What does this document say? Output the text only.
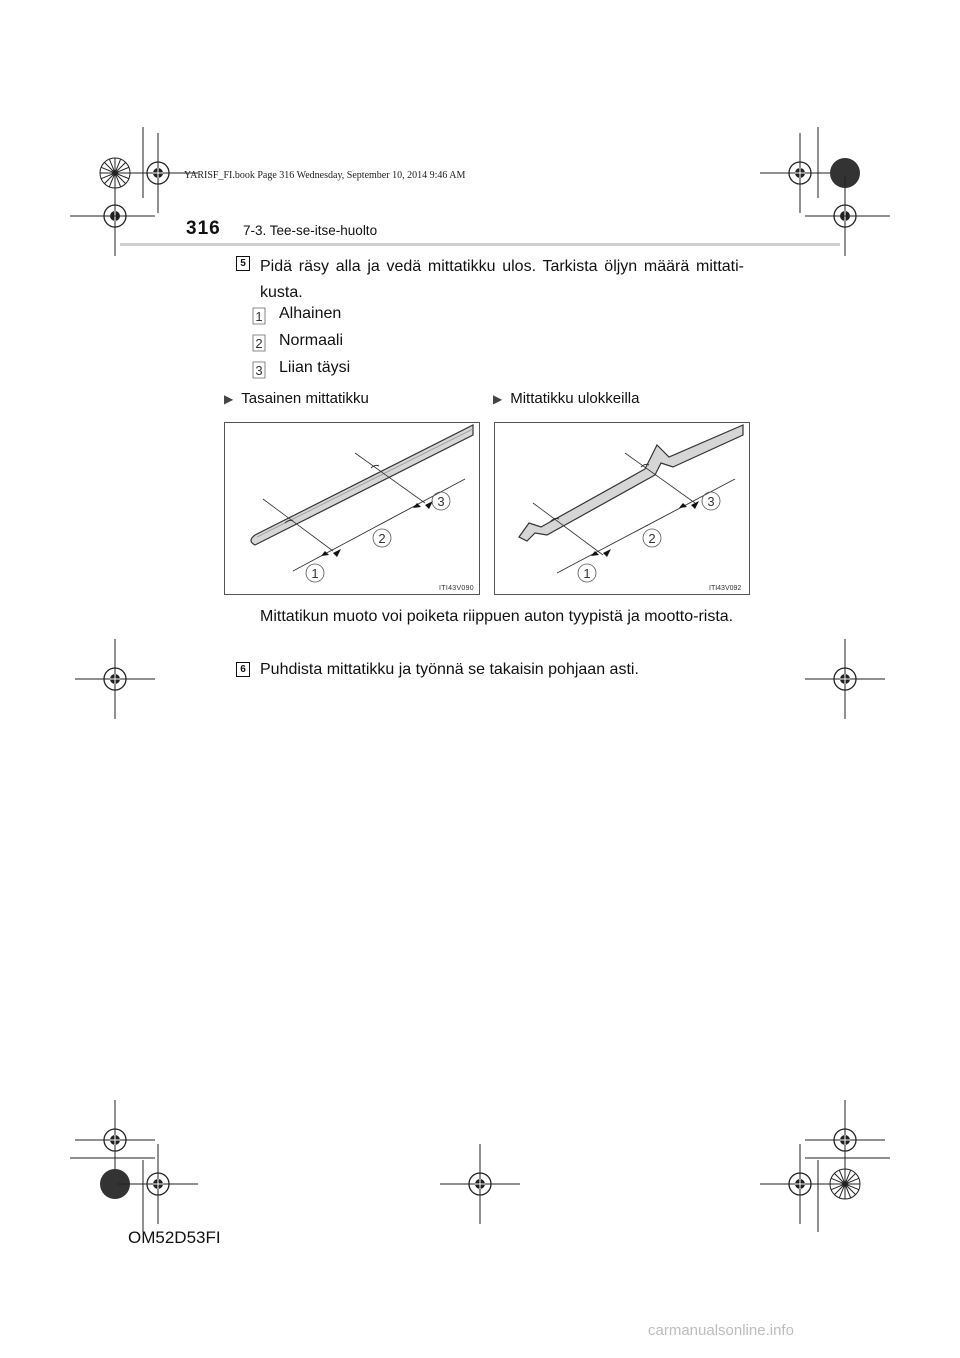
YARISF_FI.book Page 316 Wednesday, September 10, 2014 9:46 AM
316 7-3. Tee-se-itse-huolto
5 Pidä räsy alla ja vedä mittatikku ulos. Tarkista öljyn määrä mittati-kusta.
1 Alhainen
2 Normaali
3 Liian täysi
▶ Tasainen mittatikku	▶ Mittatikku ulokkeilla
1
2
3
ITI43V090
1
2
3
ITI43V092
Mittatikun muoto voi poiketa riippuen auton tyypistä ja mootto-rista.
6 Puhdista mittatikku ja työnnä se takaisin pohjaan asti.
OM52D53FI
carmanualsonline.info
